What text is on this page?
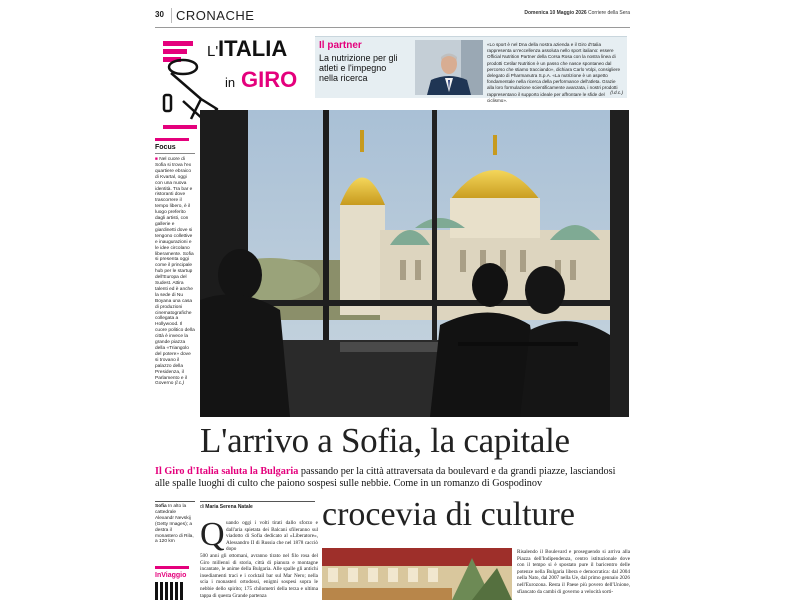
30 CRONACHE	Domenica 10 Maggio 2026 Corriere della Sera
L' ITALIA
in GIRO
Il partner
La nutrizione per gli atleti e l'impegno nella ricerca
«Lo sport è nel Dna della nostra azienda e il Giro d'Italia rappresenta un'eccellenza assoluta nello sport italiano: essere Official Nutrition Partner della Corsa Rosa con la nostra linea di prodotti Cetilar Nutrition è un passo che nasce spontaneo dal percorso che stiamo tracciando», dichiara Carlo Volpi, consigliere delegato di Pharmanutra S.p.A. «La nutrizione è un aspetto fondamentale nella ricerca della performance dell'atleta. Grazie alla loro formulazione scientificamente avanzata, i nostri prodotti rappresentano il supporto ideale per affrontare le sfide del ciclismo».
(l.d.c.)
Focus
■ Nel cuore di Sofia si trova l'ex quartiere ebraico di Kvartal, oggi con una nuova identità. Tra bar e ristoranti dove trascorrere il tempo libero, è il luogo preferito dagli artisti, con gallerie e giardinetti dove si tengono collettive e inaugurazioni e le idee circolano liberamente. Sofia si presenta oggi come il principale hub per le startup dell'Europa del Sudest. Attira talenti ed è anche la sede di Nu Boyana una casa di produzioni cinematografiche collegata a Hollywood. Il cuore politico della città è invece la grande piazza della «Triangolo del potere» dove si trovano il palazzo della Presidenza, il Parlamento e il Governo (l.c.)
L'arrivo a Sofia, la capitale
Il Giro d'Italia saluta la Bulgaria passando per la città attraversata da boulevard e da grandi piazze, lasciandosi alle spalle luoghi di culto che paiono sospesi sulle nebbie. Come in un romanzo di Gospodinov
Sofia In alto la cattedrale Alexandr Nevskij (Getty Images); a destra il monastero di Rila, a 120 km
di Maria Serena Natale crocevia di culture
Q uando oggi i volti tirati dallo sforzo e dall'aria spietata dei Balcani sfileranno sul viadotto di Sofia dedicato al «Liberatore», Alessandro II di Russia che nel 1878 cacciò dopo
500 anni gli ottomani, avranno tirato nel filo rosa del Giro millenni di storia, città di pianura e montagne incantate, le anime della Bulgaria. Alle spalle gli antichi insediamenti traci e i cocktail bar sul Mar Nero; nella scia i monasteri ortodossi, enigmi sospesi sopra le nebbie dello spirito; 175 chilometri della terza e ultima tappa di questa Grande partenza
Risalendo il Boulevard e proseguendo si arriva alla Piazza dell'Indipendenza, centro istituzionale dove con il tempo si è spostato pure il baricentro delle potenze nella Bulgaria libera e democratica: dal 2004 nella Nato, dal 2007 nella Ue, dal primo gennaio 2026 nell'Eurozona. Resta il Paese più povero dell'Unione, sfiancato da cambi di governo a velocità sorti-
InViaggio
